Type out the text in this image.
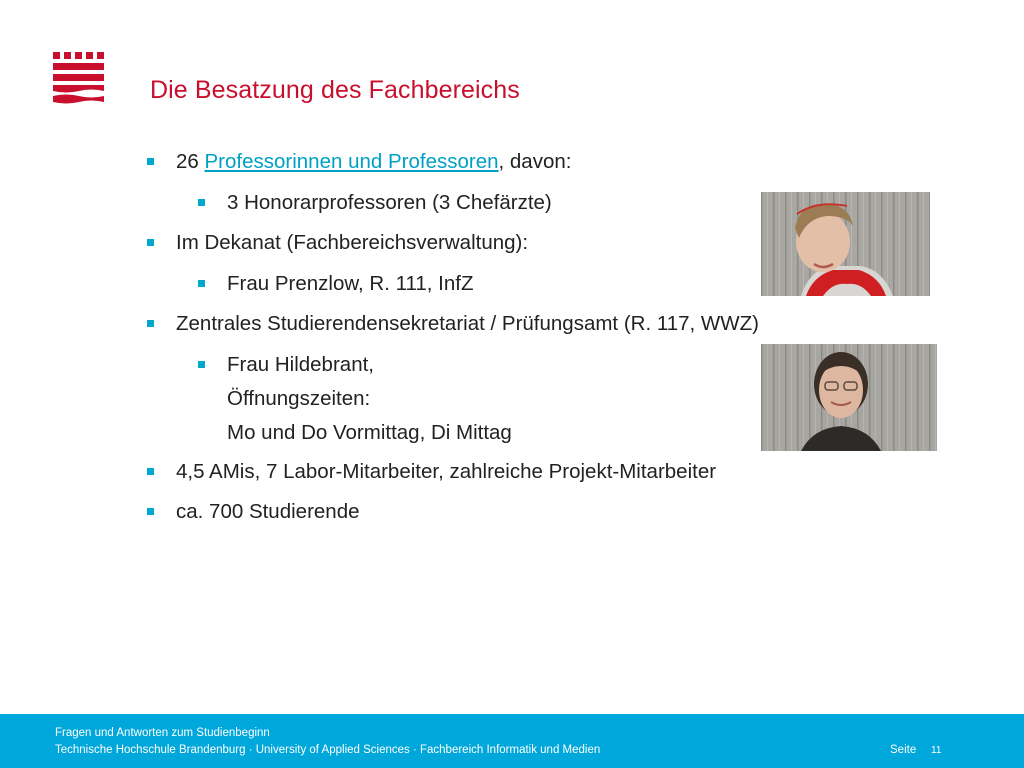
Die Besatzung des Fachbereichs
26 Professorinnen und Professoren, davon:
3 Honorarprofessoren (3 Chefärzte)
Im Dekanat (Fachbereichsverwaltung):
Frau Prenzlow, R. 111, InfZ
Zentrales Studierendensekretariat / Prüfungsamt (R. 117, WWZ)
Frau Hildebrant,
Öffnungszeiten:
Mo und Do Vormittag, Di Mittag
4,5 AMis, 7 Labor-Mitarbeiter, zahlreiche Projekt-Mitarbeiter
ca. 700 Studierende
Fragen und Antworten zum Studienbeginn
Technische Hochschule Brandenburg · University of Applied Sciences · Fachbereich Informatik und Medien	Seite 11
